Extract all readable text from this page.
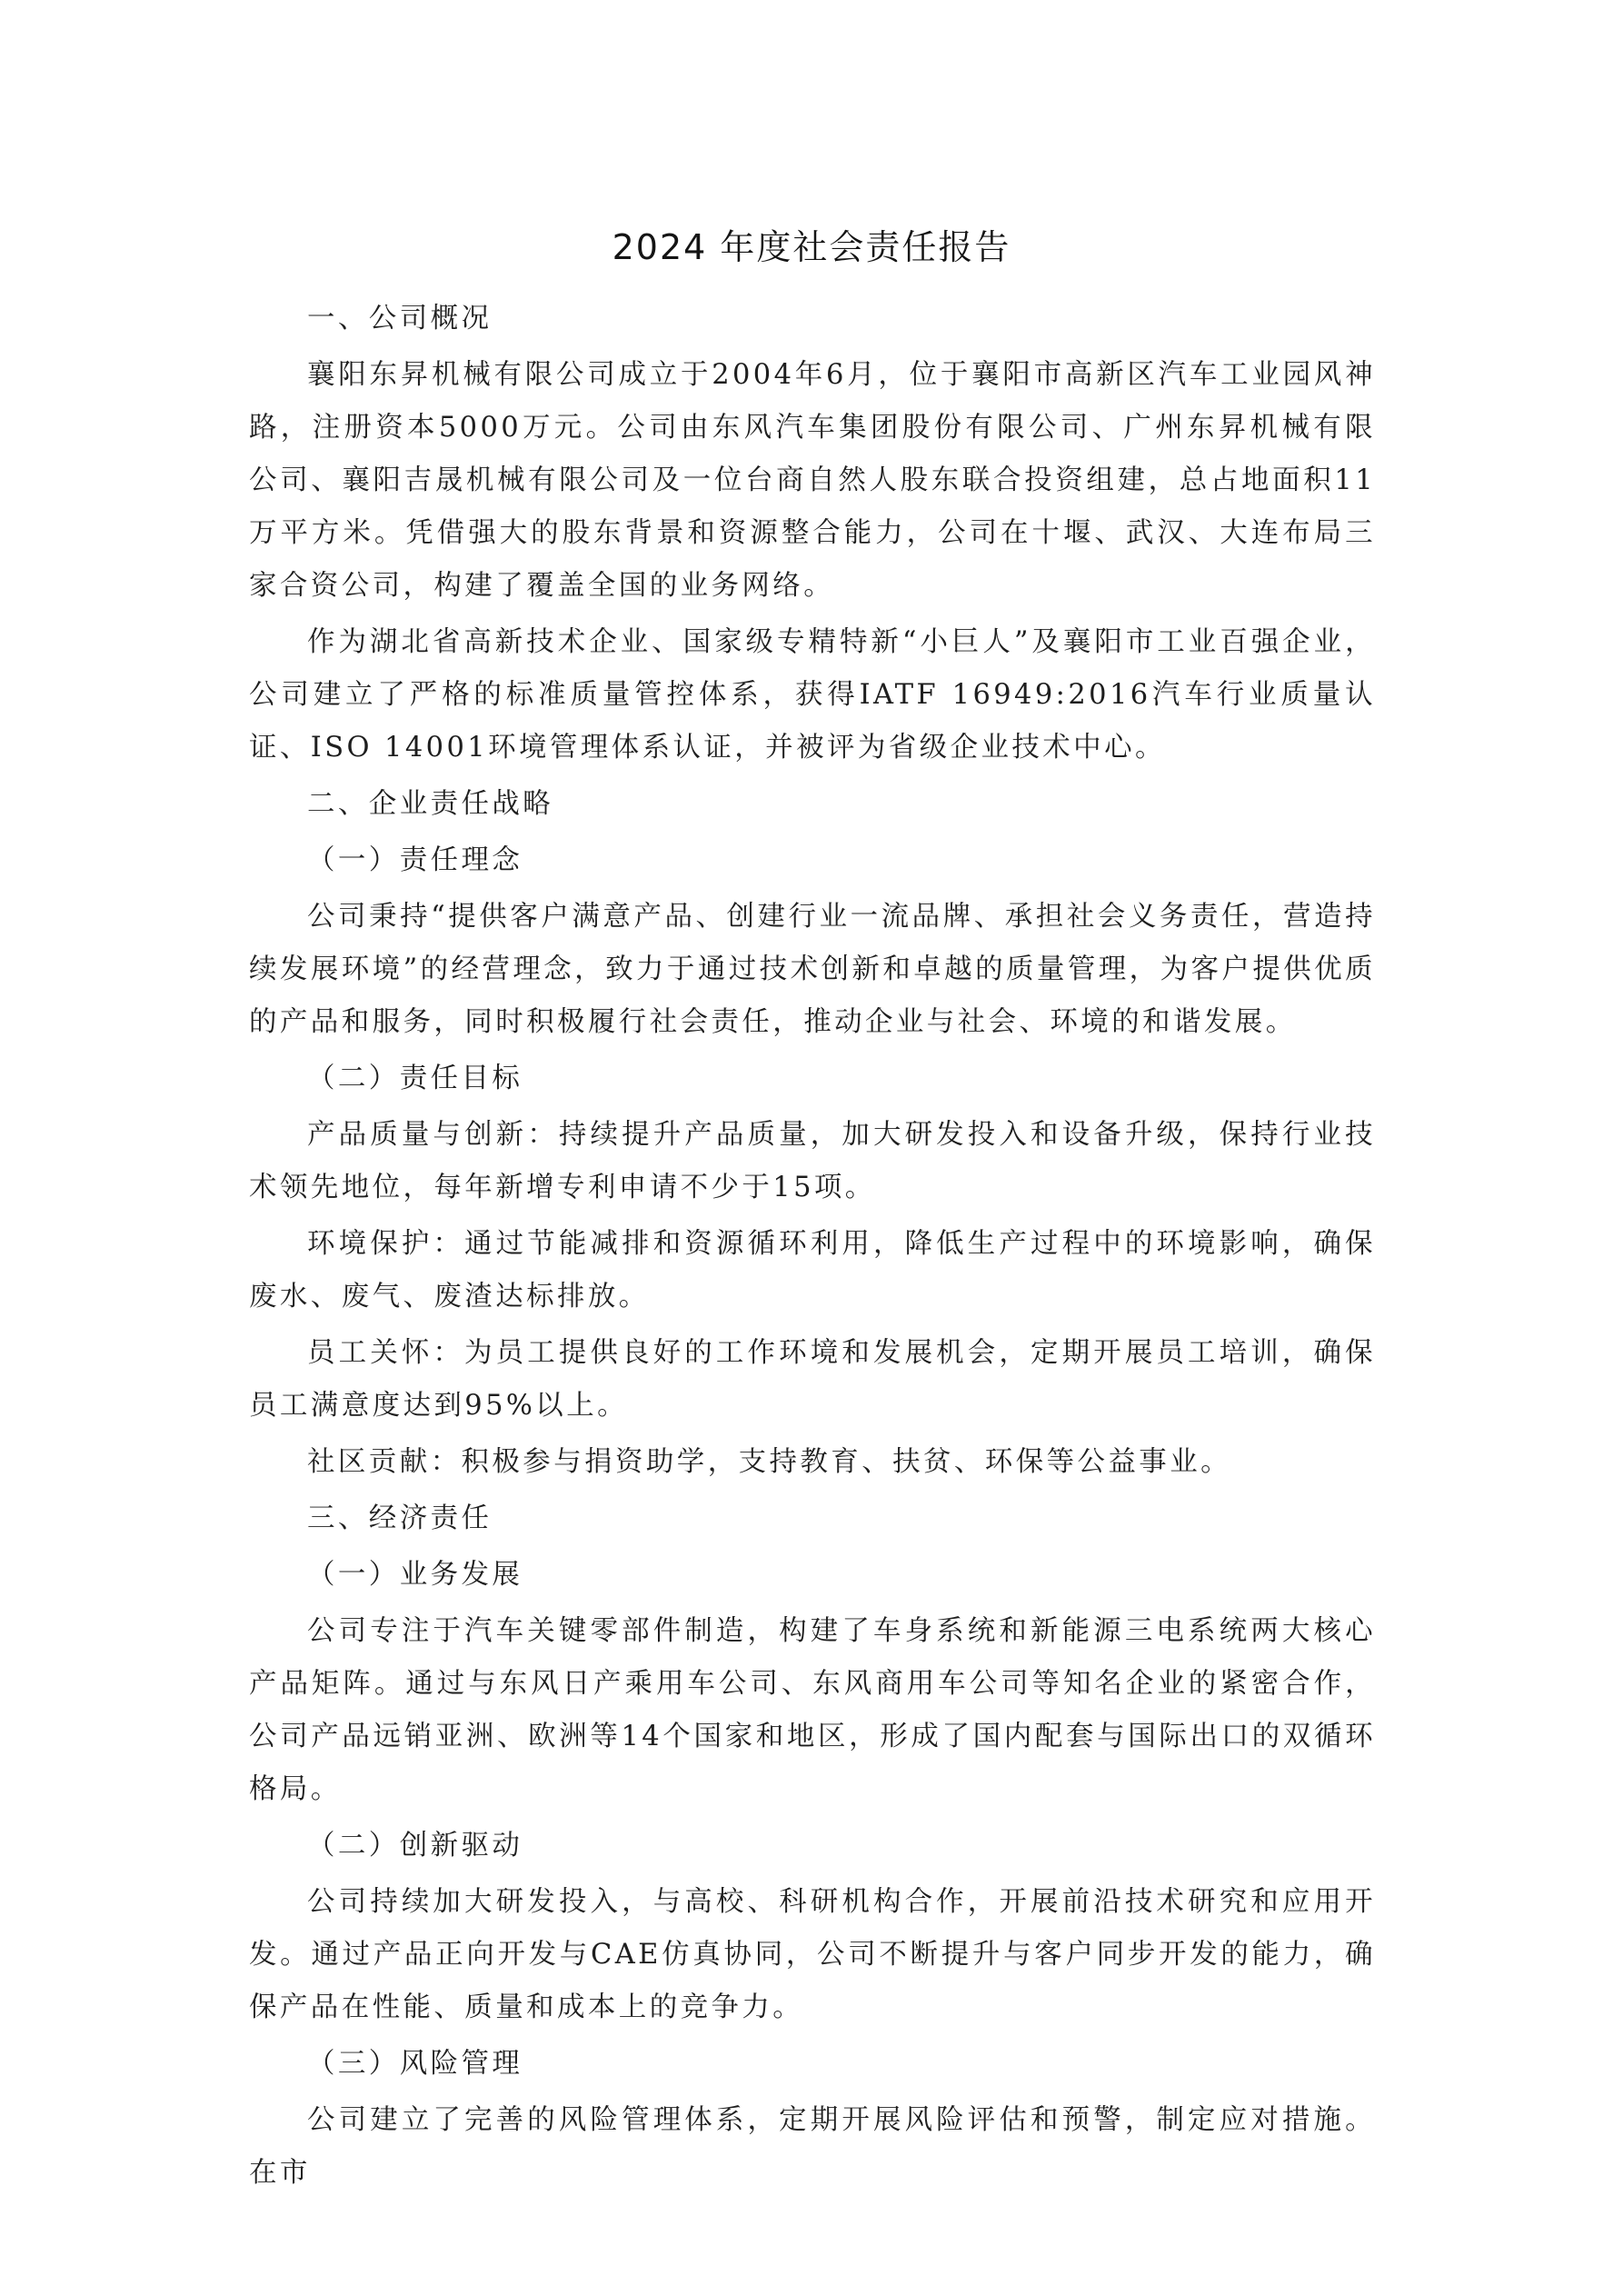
2024 年度社会责任报告

一、公司概况

襄阳东昇机械有限公司成立于2004年6月，位于襄阳市高新区汽车工业园风神路，注册资本5000万元。公司由东风汽车集团股份有限公司、广州东昇机械有限公司、襄阳吉晟机械有限公司及一位台商自然人股东联合投资组建，总占地面积11万平方米。凭借强大的股东背景和资源整合能力，公司在十堰、武汉、大连布局三家合资公司，构建了覆盖全国的业务网络。

作为湖北省高新技术企业、国家级专精特新“小巨人”及襄阳市工业百强企业，公司建立了严格的标准质量管控体系，获得IATF 16949:2016汽车行业质量认证、ISO 14001环境管理体系认证，并被评为省级企业技术中心。

二、企业责任战略

（一）责任理念

公司秉持“提供客户满意产品、创建行业一流品牌、承担社会义务责任，营造持续发展环境”的经营理念，致力于通过技术创新和卓越的质量管理，为客户提供优质的产品和服务，同时积极履行社会责任，推动企业与社会、环境的和谐发展。

（二）责任目标

产品质量与创新：持续提升产品质量，加大研发投入和设备升级，保持行业技术领先地位，每年新增专利申请不少于15项。

环境保护：通过节能减排和资源循环利用，降低生产过程中的环境影响，确保废水、废气、废渣达标排放。

员工关怀：为员工提供良好的工作环境和发展机会，定期开展员工培训，确保员工满意度达到95%以上。

社区贡献：积极参与捐资助学，支持教育、扶贫、环保等公益事业。

三、经济责任

（一）业务发展

公司专注于汽车关键零部件制造，构建了车身系统和新能源三电系统两大核心产品矩阵。通过与东风日产乘用车公司、东风商用车公司等知名企业的紧密合作，公司产品远销亚洲、欧洲等14个国家和地区，形成了国内配套与国际出口的双循环格局。

（二）创新驱动

公司持续加大研发投入，与高校、科研机构合作，开展前沿技术研究和应用开发。通过产品正向开发与CAE仿真协同，公司不断提升与客户同步开发的能力，确保产品在性能、质量和成本上的竞争力。

（三）风险管理

公司建立了完善的风险管理体系，定期开展风险评估和预警，制定应对措施。在市
